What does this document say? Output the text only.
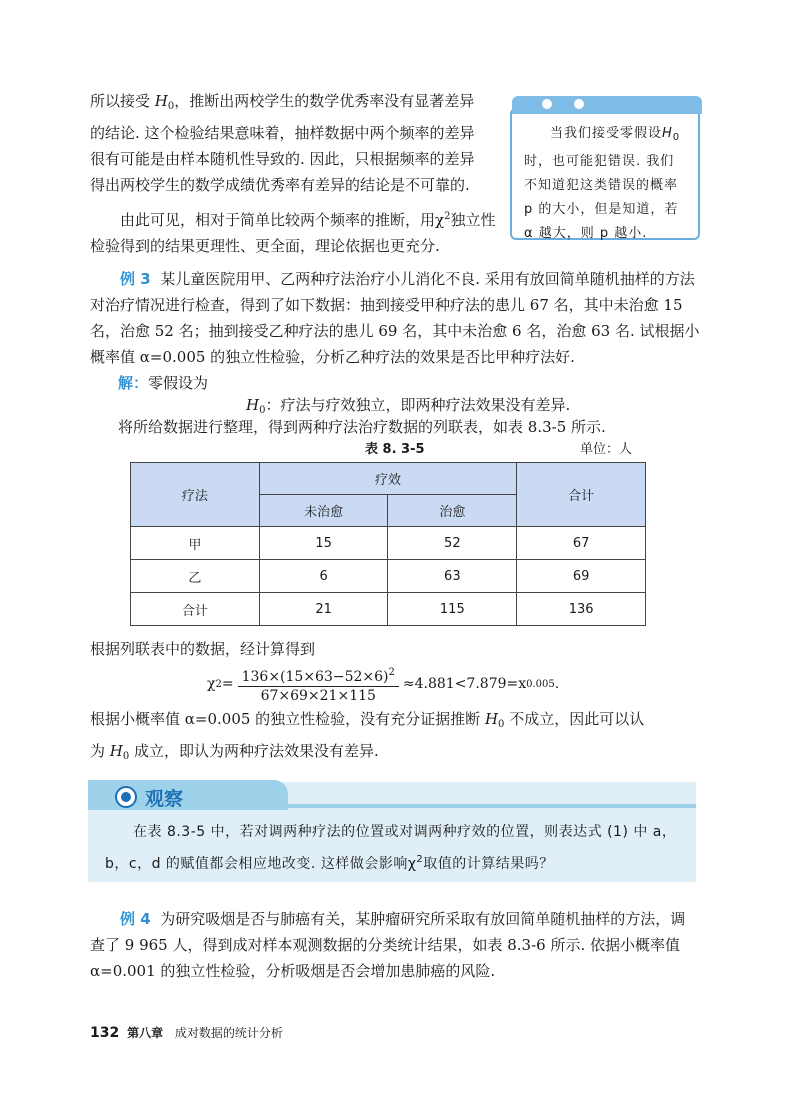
所以接受 $H_0$，推断出两校学生的数学优秀率没有显著差异

的结论. 这个检验结果意味着，抽样数据中两个频率的差异

很有可能是由样本随机性导致的. 因此，只根据频率的差异

得出两校学生的数学成绩优秀率有差异的结论是不可靠的.

由此可见，相对于简单比较两个频率的推断，用$\chi^2$独立性检验得到的结果更理性、更全面，理论依据也更充分.

当我们接受零假设$H_0$ 时，也可能犯错误. 我们不知道犯这类错误的概率 p 的大小，但是知道，若 α 越大，则 p 越小.

例 3 某儿童医院用甲、乙两种疗法治疗小儿消化不良. 采用有放回简单随机抽样的方法对治疗情况进行检查，得到了如下数据：抽到接受甲种疗法的患儿 67 名，其中未治愈 15 名，治愈 52 名；抽到接受乙种疗法的患儿 69 名，其中未治愈 6 名，治愈 63 名. 试根据小概率值 α=0.005 的独立性检验，分析乙种疗法的效果是否比甲种疗法好.

解：零假设为

$H_0$：疗法与疗效独立，即两种疗法效果没有差异.

将所给数据进行整理，得到两种疗法治疗数据的列联表，如表 8.3-5 所示.

表 8. 3-5	单位：人
疗法	疗效		合计
	未治愈	治愈	
甲	15	52	67
乙	6	63	69
合计	21	115	136

根据列联表中的数据，经计算得到

χ $2 = \frac{136\times(15\times 63-52\times 6)^2}{67\times 69\times 21\times 115} \approx 4.881<7.879=x$ 0.005 .

根据小概率值 α=0.005 的独立性检验，没有充分证据推断 $H_0$ 不成立，因此可以认

为 $H_0$ 成立，即认为两种疗法效果没有差异.

观察
在表 8.3-5 中，若对调两种疗法的位置或对调两种疗效的位置，则表达式 (1) 中 a，b，c，d 的赋值都会相应地改变. 这样做会影响$\chi^2$取值的计算结果吗？

例 4 为研究吸烟是否与肺癌有关，某肿瘤研究所采取有放回简单随机抽样的方法，调查了 9 965 人，得到成对样本观测数据的分类统计结果，如表 8.3-6 所示. 依据小概率值 α=0.001 的独立性检验，分析吸烟是否会增加患肺癌的风险.

132 第八章 成对数据的统计分析
